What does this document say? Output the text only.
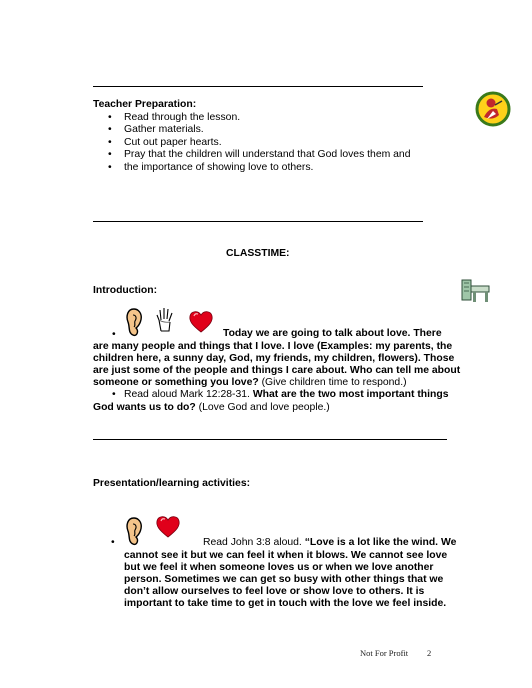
Teacher Preparation:
• Read through the lesson.
• Gather materials.
• Cut out paper hearts.
• Pray that the children will understand that God loves them and
• the importance of showing love to others.
CLASSTIME:
Introduction:
•	Today we are going to talk about love. There
are many people and things that I love. I love (Examples: my parents, the
children here, a sunny day, God, my friends, my children, flowers). Those
are just some of the people and things I care about. Who can tell me about
someone or something you love? (Give children time to respond.)
• Read aloud Mark 12:28-31. What are the two most important things
God wants us to do? (Love God and love people.)
Presentation/learning activities:
•	Read John 3:8 aloud. “Love is a lot like the wind. We
cannot see it but we can feel it when it blows. We cannot see love
but we feel it when someone loves us or when we love another
person. Sometimes we can get so busy with other things that we
don’t allow ourselves to feel love or show love to others. It is
important to take time to get in touch with the love we feel inside.
Not For Profit 2
